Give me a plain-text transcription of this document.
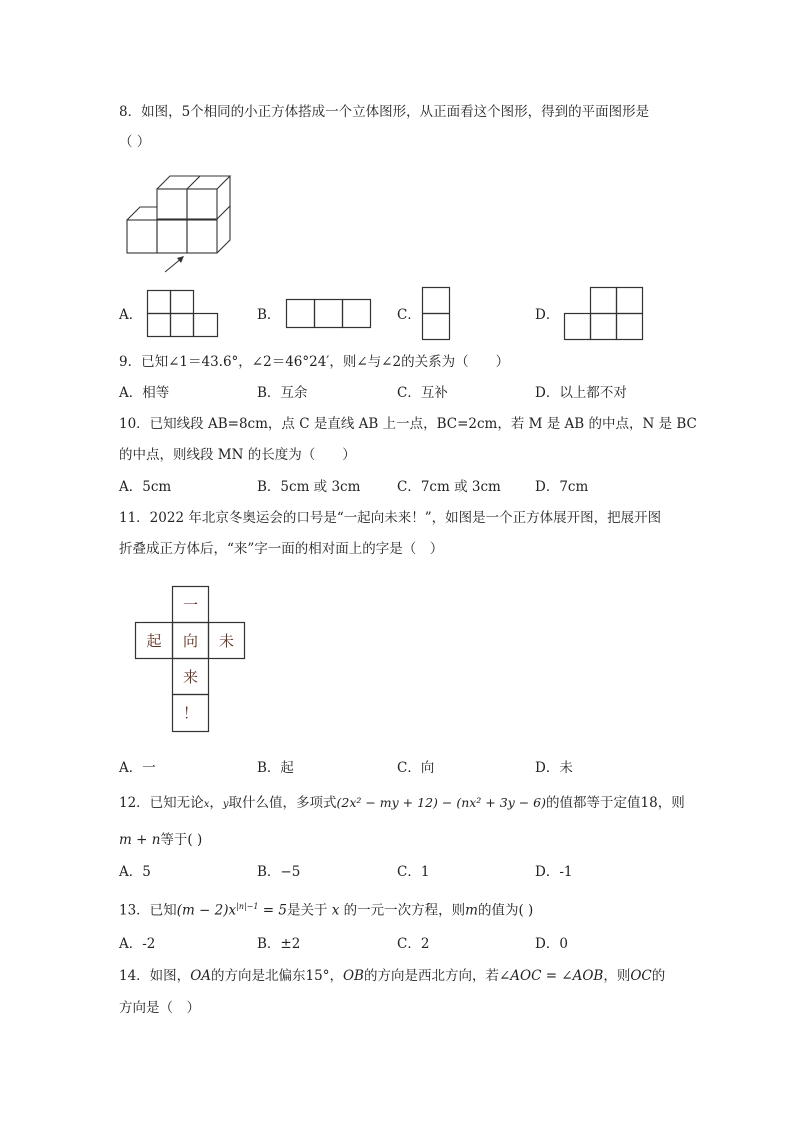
8．如图，5个相同的小正方体搭成一个立体图形，从正面看这个图形，得到的平面图形是
（ ）
A．	B．	C．	D．
9．已知∠1＝43.6°，∠2＝46°24′，则∠与∠2的关系为（　　）
A．相等	B．互余	C．互补	D．以上都不对
10．已知线段 AB=8cm，点 C 是直线 AB 上一点，BC=2cm，若 M 是 AB 的中点，N 是 BC
的中点，则线段 MN 的长度为（　　）
A．5cm	B．5cm 或 3cm	C．7cm 或 3cm	D．7cm
11．2022 年北京冬奥运会的口号是“一起向未来！”，如图是一个正方体展开图，把展开图
折叠成正方体后，“来”字一面的相对面上的字是（　）
一
起 向 未
来
！
A．一	B．起	C．向	D．未
12．已知无论x，y取什么值，多项式(2x² − my + 12) − (nx² + 3y − 6)的值都等于定值18，则
m + n等于( )
A．5	B．−5	C．1	D．-1
13．已知$(m - 2)x^{|n|-1} = 5$是关于 x 的一元一次方程，则m的值为( )
A．-2	B．±2	C．2	D．0
14．如图，OA的方向是北偏东15°，OB的方向是西北方向，若∠AOC = ∠AOB，则OC的
方向是（　）
